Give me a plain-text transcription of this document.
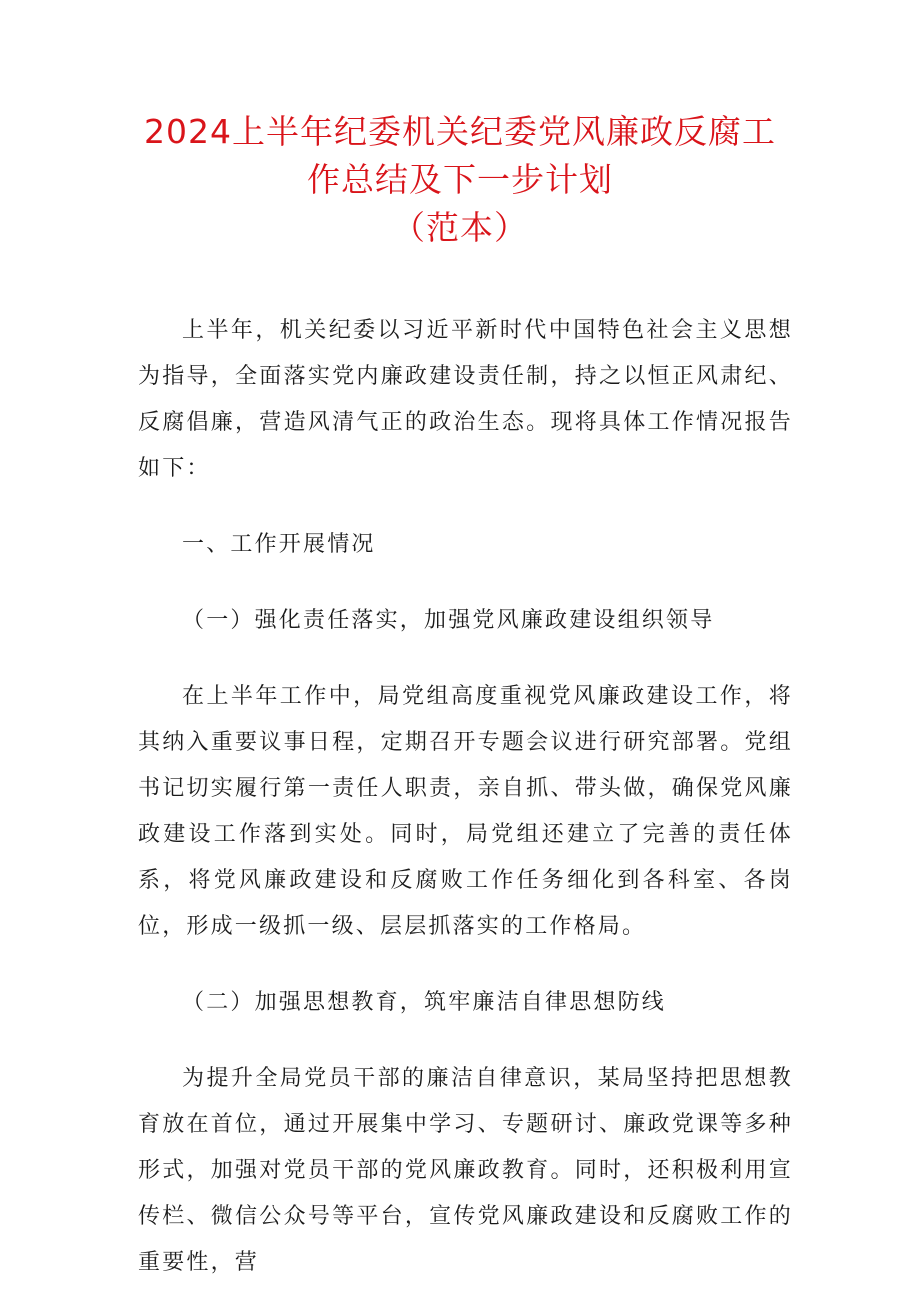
2024上半年纪委机关纪委党风廉政反腐工
作总结及下一步计划
（范本）

上半年，机关纪委以习近平新时代中国特色社会主义思想为指导，全面落实党内廉政建设责任制，持之以恒正风肃纪、反腐倡廉，营造风清气正的政治生态。现将具体工作情况报告如下：

一、工作开展情况

（一）强化责任落实，加强党风廉政建设组织领导

在上半年工作中，局党组高度重视党风廉政建设工作，将其纳入重要议事日程，定期召开专题会议进行研究部署。党组书记切实履行第一责任人职责，亲自抓、带头做，确保党风廉政建设工作落到实处。同时，局党组还建立了完善的责任体系，将党风廉政建设和反腐败工作任务细化到各科室、各岗位，形成一级抓一级、层层抓落实的工作格局。

（二）加强思想教育，筑牢廉洁自律思想防线

为提升全局党员干部的廉洁自律意识，某局坚持把思想教育放在首位，通过开展集中学习、专题研讨、廉政党课等多种形式，加强对党员干部的党风廉政教育。同时，还积极利用宣传栏、微信公众号等平台，宣传党风廉政建设和反腐败工作的重要性，营
